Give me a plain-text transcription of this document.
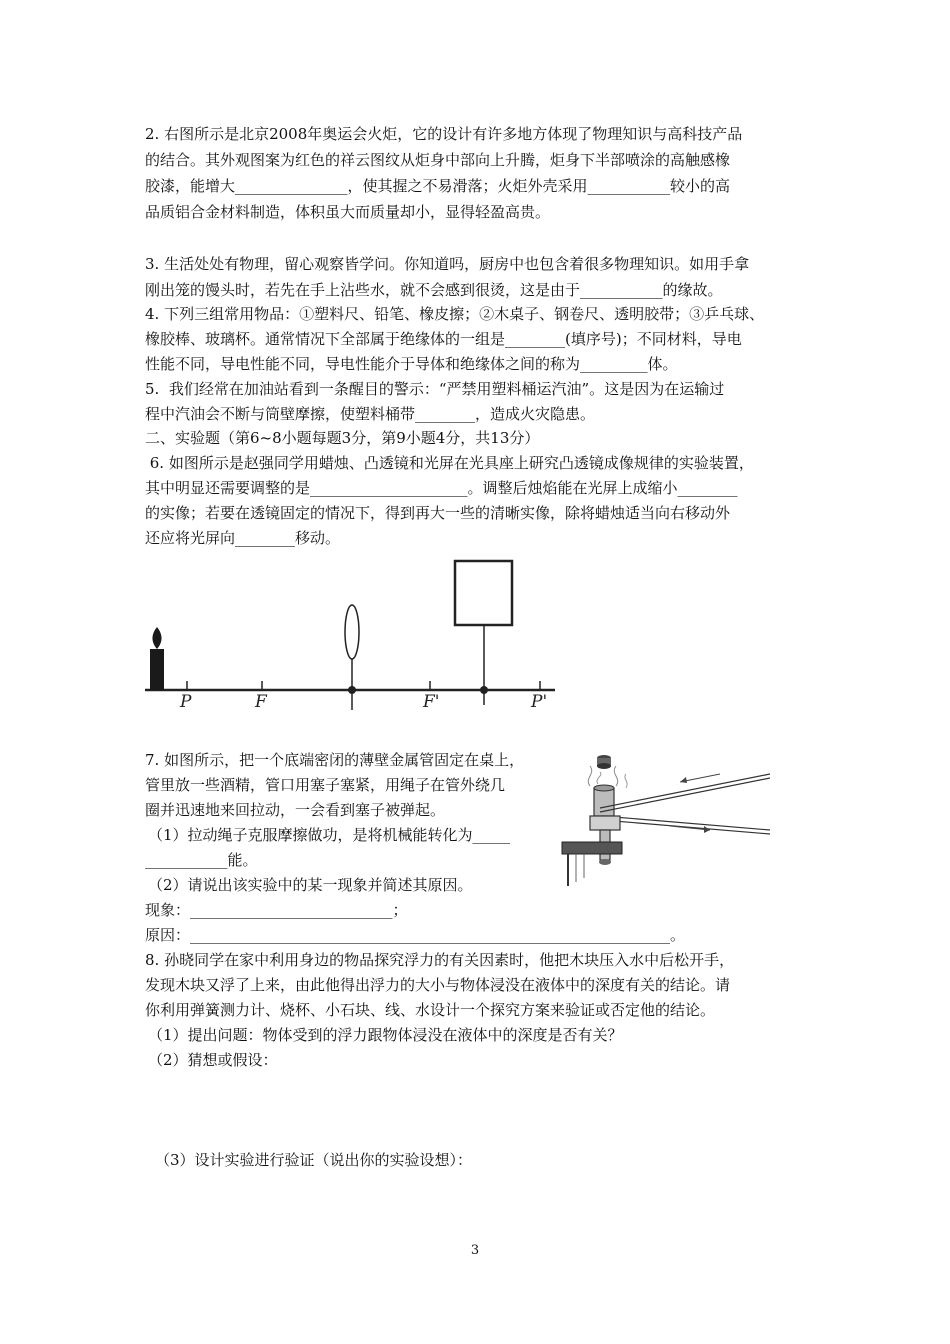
2. 右图所示是北京2008年奥运会火炬，它的设计有许多地方体现了物理知识与高科技产品
的结合。其外观图案为红色的祥云图纹从炬身中部向上升腾，炬身下半部喷涂的高触感橡
胶漆，能增大_______________，使其握之不易滑落；火炬外壳采用___________较小的高
品质铝合金材料制造，体积虽大而质量却小，显得轻盈高贵。
3. 生活处处有物理，留心观察皆学问。你知道吗，厨房中也包含着很多物理知识。如用手拿
刚出笼的馒头时，若先在手上沾些水，就不会感到很烫，这是由于___________的缘故。
4. 下列三组常用物品：①塑料尺、铅笔、橡皮擦；②木桌子、钢卷尺、透明胶带；③乒乓球、
橡胶棒、玻璃杯。通常情况下全部属于绝缘体的一组是________(填序号)；不同材料，导电
性能不同，导电性能不同，导电性能介于导体和绝缘体之间的称为_________体。
5.  我们经常在加油站看到一条醒目的警示：“严禁用塑料桶运汽油”。这是因为在运输过
程中汽油会不断与筒壁摩擦，使塑料桶带________，造成火灾隐患。
二、实验题（第6~8小题每题3分，第9小题4分，共13分）
6. 如图所示是赵强同学用蜡烛、凸透镜和光屏在光具座上研究凸透镜成像规律的实验装置，
其中明显还需要调整的是_____________________。调整后烛焰能在光屏上成缩小________
的实像；若要在透镜固定的情况下，得到再大一些的清晰实像，除将蜡烛适当向右移动外
还应将光屏向________移动。
P	F	F'	P'
7. 如图所示，把一个底端密闭的薄壁金属管固定在桌上，
管里放一些酒精，管口用塞子塞紧，用绳子在管外绕几
圈并迅速地来回拉动，一会看到塞子被弹起。
（1）拉动绳子克服摩擦做功，是将机械能转化为_____
___________能。
（2）请说出该实验中的某一现象并简述其原因。
现象：___________________________；
原因：________________________________________________________________。
8. 孙晓同学在家中利用身边的物品探究浮力的有关因素时，他把木块压入水中后松开手，
发现木块又浮了上来，由此他得出浮力的大小与物体浸没在液体中的深度有关的结论。请
你利用弹簧测力计、烧杯、小石块、线、水设计一个探究方案来验证或否定他的结论。
（1）提出问题：物体受到的浮力跟物体浸没在液体中的深度是否有关？
（2）猜想或假设：
（3）设计实验进行验证（说出你的实验设想）：
3
